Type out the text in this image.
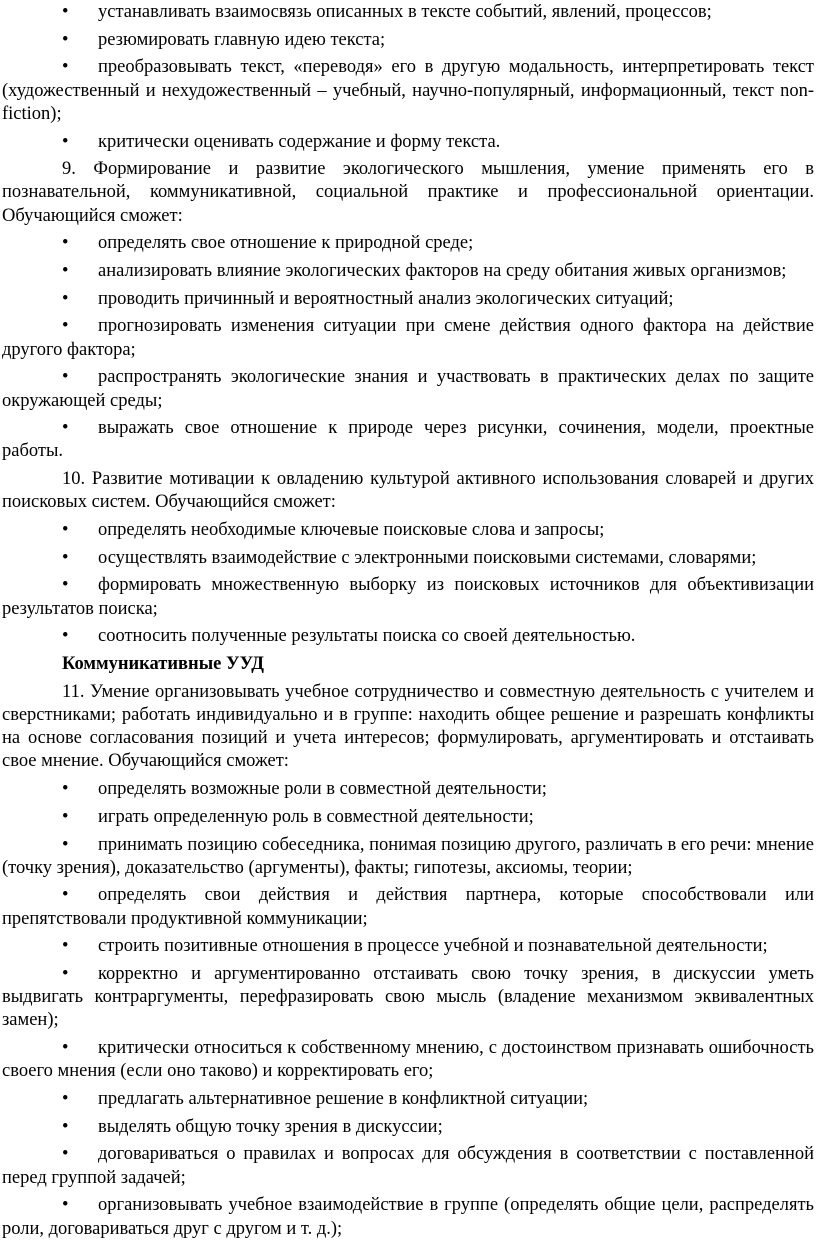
• устанавливать взаимосвязь описанных в тексте событий, явлений, процессов;

• резюмировать главную идею текста;

• преобразовывать текст, «переводя» его в другую модальность, интерпретировать текст (художественный и нехудожественный – учебный, научно-популярный, информационный, текст non-fiction);

• критически оценивать содержание и форму текста.

9. Формирование и развитие экологического мышления, умение применять его в познавательной, коммуникативной, социальной практике и профессиональной ориентации. Обучающийся сможет:

• определять свое отношение к природной среде;

• анализировать влияние экологических факторов на среду обитания живых организмов;

• проводить причинный и вероятностный анализ экологических ситуаций;

• прогнозировать изменения ситуации при смене действия одного фактора на действие другого фактора;

• распространять экологические знания и участвовать в практических делах по защите окружающей среды;

• выражать свое отношение к природе через рисунки, сочинения, модели, проектные работы.

10. Развитие мотивации к овладению культурой активного использования словарей и других поисковых систем. Обучающийся сможет:

• определять необходимые ключевые поисковые слова и запросы;

• осуществлять взаимодействие с электронными поисковыми системами, словарями;

• формировать множественную выборку из поисковых источников для объективизации результатов поиска;

• соотносить полученные результаты поиска со своей деятельностью.

Коммуникативные УУД

11. Умение организовывать учебное сотрудничество и совместную деятельность с учителем и сверстниками; работать индивидуально и в группе: находить общее решение и разрешать конфликты на основе согласования позиций и учета интересов; формулировать, аргументировать и отстаивать свое мнение. Обучающийся сможет:

• определять возможные роли в совместной деятельности;

• играть определенную роль в совместной деятельности;

• принимать позицию собеседника, понимая позицию другого, различать в его речи: мнение (точку зрения), доказательство (аргументы), факты; гипотезы, аксиомы, теории;

• определять свои действия и действия партнера, которые способствовали или препятствовали продуктивной коммуникации;

• строить позитивные отношения в процессе учебной и познавательной деятельности;

• корректно и аргументированно отстаивать свою точку зрения, в дискуссии уметь выдвигать контраргументы, перефразировать свою мысль (владение механизмом эквивалентных замен);

• критически относиться к собственному мнению, с достоинством признавать ошибочность своего мнения (если оно таково) и корректировать его;

• предлагать альтернативное решение в конфликтной ситуации;

• выделять общую точку зрения в дискуссии;

• договариваться о правилах и вопросах для обсуждения в соответствии с поставленной перед группой задачей;

• организовывать учебное взаимодействие в группе (определять общие цели, распределять роли, договариваться друг с другом и т. д.);
